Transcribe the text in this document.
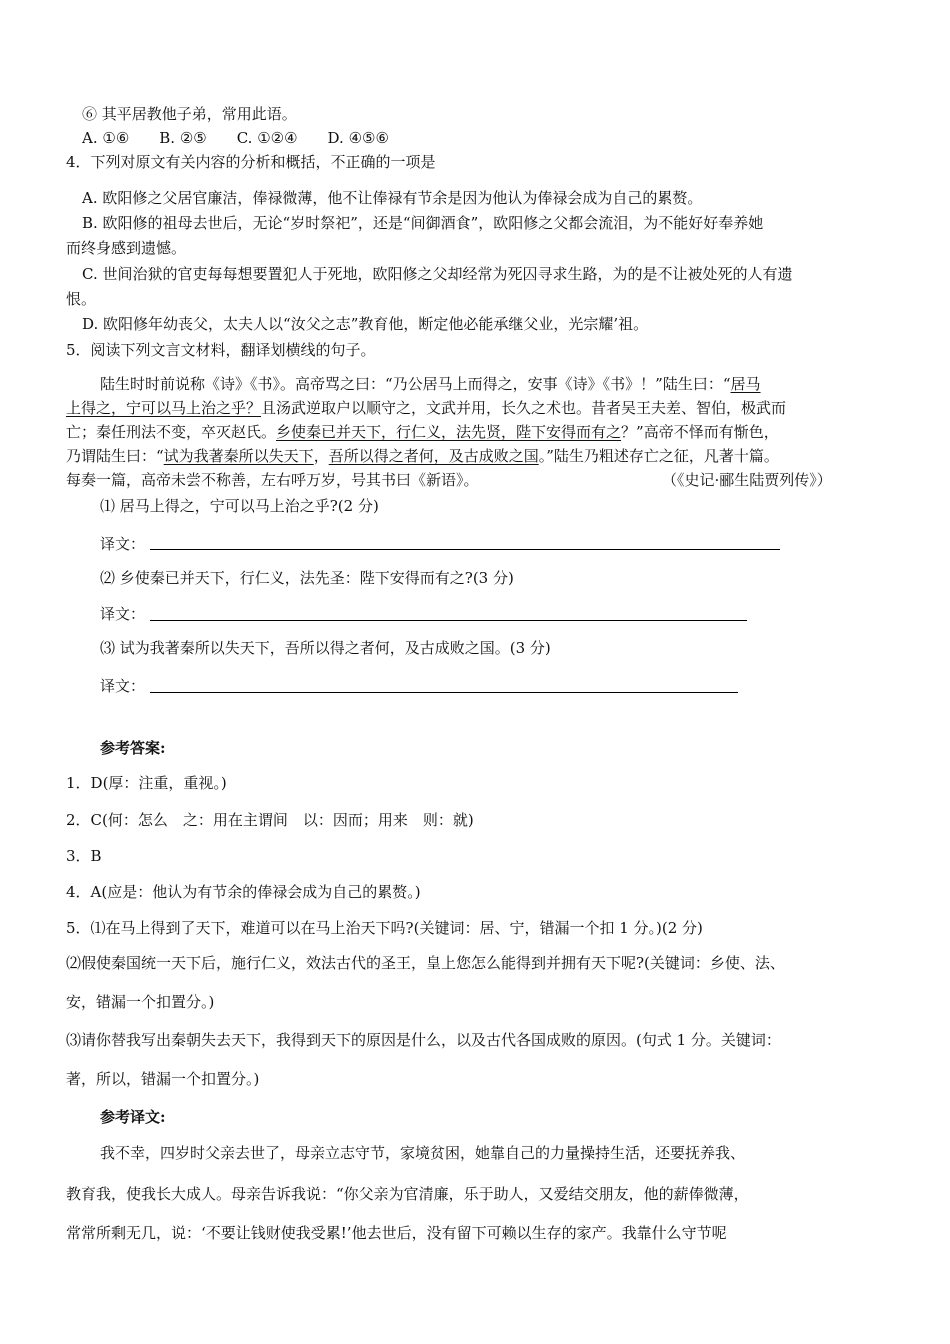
⑥ 其平居教他子弟，常用此语。
A. ①⑥　　B. ②⑤　　C. ①②④　　D. ④⑤⑥
4．下列对原文有关内容的分析和概括，不正确的一项是
A. 欧阳修之父居官廉洁，俸禄微薄，他不让俸禄有节余是因为他认为俸禄会成为自己的累赘。
B. 欧阳修的祖母去世后，无论“岁时祭祀”，还是“间御酒食”，欧阳修之父都会流泪，为不能好好奉养她
而终身感到遗憾。
C. 世间治狱的官吏每每想要置犯人于死地，欧阳修之父却经常为死囚寻求生路，为的是不让被处死的人有遗
恨。
D. 欧阳修年幼丧父，太夫人以“汝父之志”教育他，断定他必能承继父业，光宗耀’祖。
5．阅读下列文言文材料，翻译划横线的句子。
陆生时时前说称《诗》《书》。高帝骂之曰：“乃公居马上而得之，安事《诗》《书》！”陆生曰：“居马
上得之，宁可以马上治之乎？且汤武逆取户以顺守之，文武并用，长久之术也。昔者吴王夫差、智伯，极武而
亡；秦任刑法不变，卒灭赵氏。乡使秦已并天下，行仁义，法先贤，陛下安得而有之？”高帝不怿而有惭色，
乃谓陆生曰：“试为我著秦所以失天下，吾所以得之者何，及古成败之国。”陆生乃粗述存亡之征，凡著十篇。
每奏一篇，高帝未尝不称善，左右呼万岁，号其书曰《新语》。	（《史记·郦生陆贾列传》）
⑴ 居马上得之，宁可以马上治之乎?(2 分)
译文：
⑵ 乡使秦已并天下，行仁义，法先圣：陛下安得而有之?(3 分)
译文：
⑶ 试为我著秦所以失天下，吾所以得之者何，及古成败之国。(3 分)
译文：
参考答案:
1．D(厚：注重，重视。)
2．C(何：怎么　之：用在主谓间　以：因而；用来　则：就)
3．B
4．A(应是：他认为有节余的俸禄会成为自己的累赘。)
5．⑴在马上得到了天下，难道可以在马上治天下吗?(关键词：居、宁，错漏一个扣 1 分。)(2 分)
⑵假使秦国统一天下后，施行仁义，效法古代的圣王，皇上您怎么能得到并拥有天下呢?(关键词：乡使、法、
安，错漏一个扣置分。)
⑶请你替我写出秦朝失去天下，我得到天下的原因是什么，以及古代各国成败的原因。(句式 1 分。关键词：
著，所以，错漏一个扣置分。)
参考译文:
我不幸，四岁时父亲去世了，母亲立志守节，家境贫困，她靠自己的力量操持生活，还要抚养我、
教育我，使我长大成人。母亲告诉我说：“你父亲为官清廉，乐于助人，又爱结交朋友，他的薪俸微薄，
常常所剩无几，说：‘不要让钱财使我受累!’他去世后，没有留下可赖以生存的家产。我靠什么守节呢
